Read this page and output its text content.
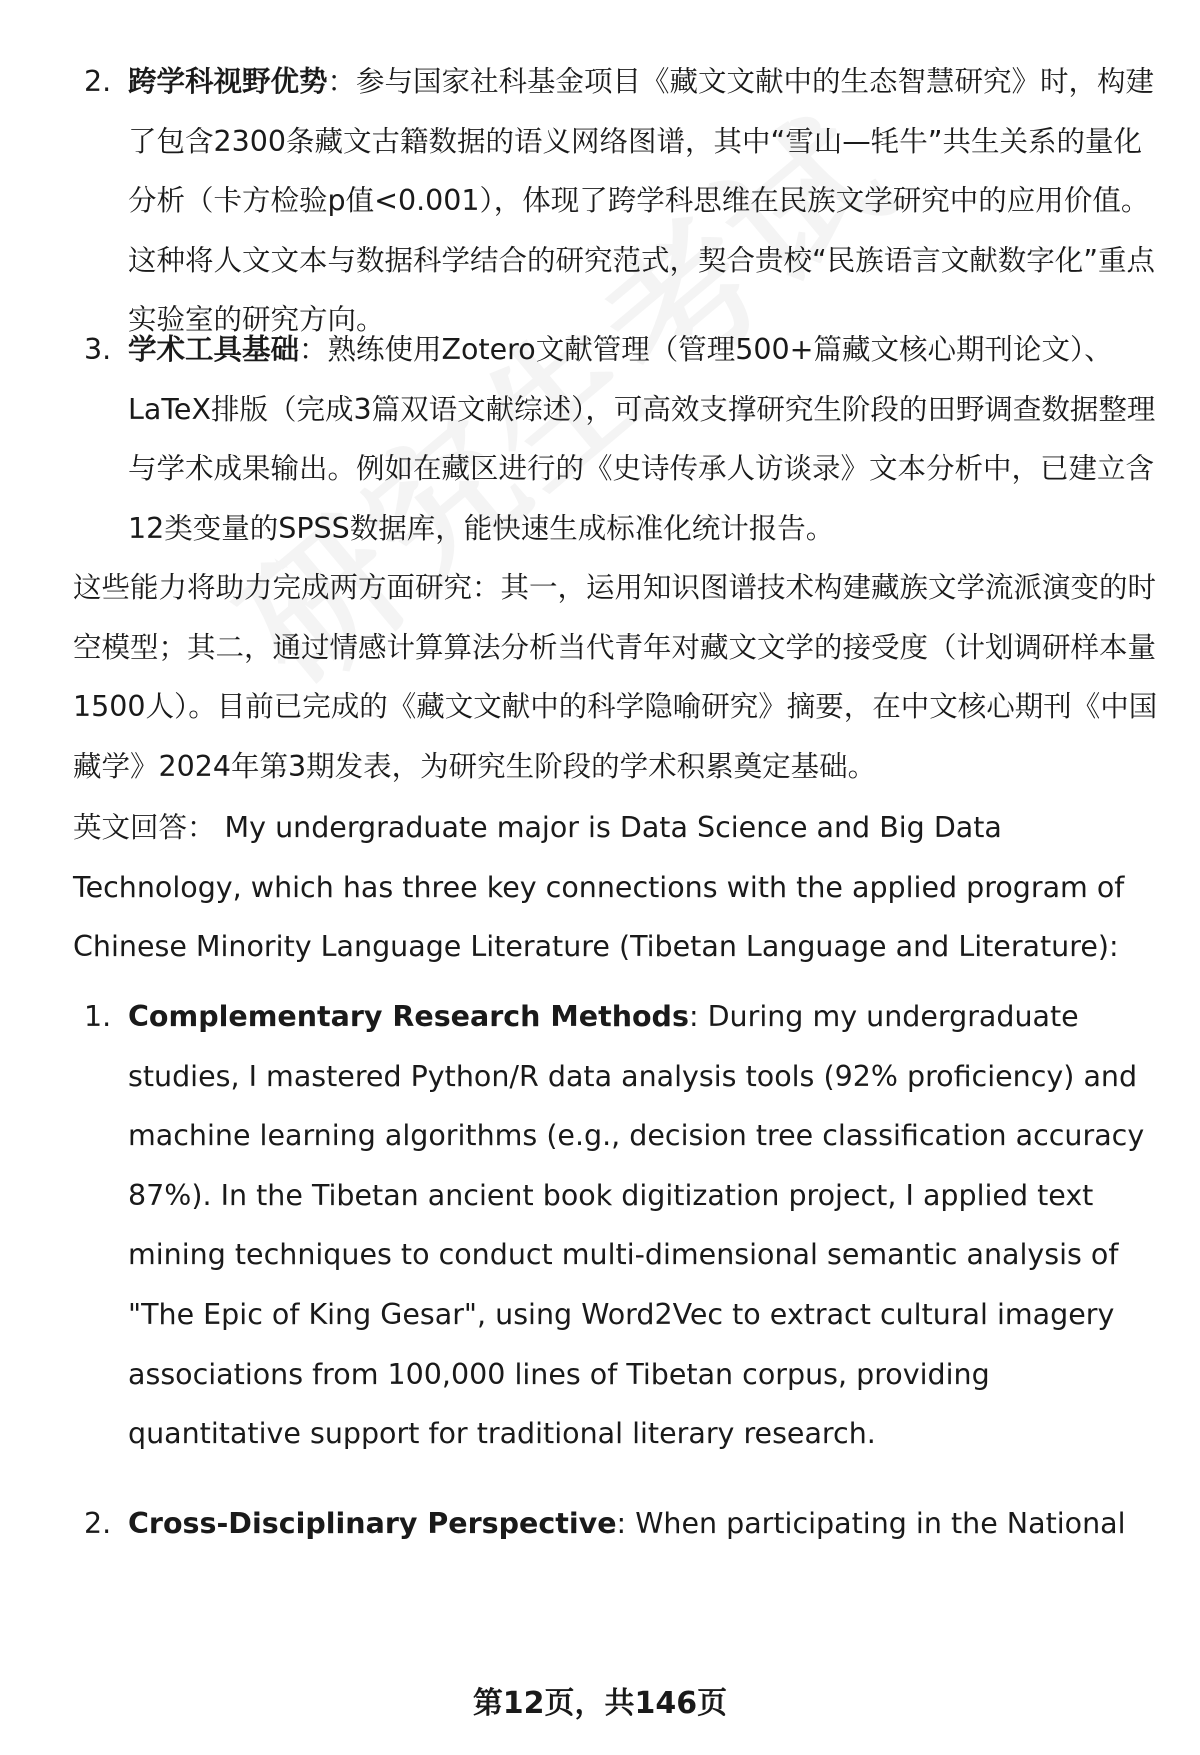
2. 跨学科视野优势：参与国家社科基金项目《藏文文献中的生态智慧研究》时，构建了包含2300条藏文古籍数据的语义网络图谱，其中“雪山—牦牛”共生关系的量化分析（卡方检验p值<0.001），体现了跨学科思维在民族文学研究中的应用价值。这种将人文文本与数据科学结合的研究范式，契合贵校“民族语言文献数字化”重点实验室的研究方向。

3. 学术工具基础：熟练使用Zotero文献管理（管理500+篇藏文核心期刊论文）、LaTeX排版（完成3篇双语文献综述），可高效支撑研究生阶段的田野调查数据整理与学术成果输出。例如在藏区进行的《史诗传承人访谈录》文本分析中，已建立含12类变量的SPSS数据库，能快速生成标准化统计报告。

这些能力将助力完成两方面研究：其一，运用知识图谱技术构建藏族文学流派演变的时空模型；其二，通过情感计算算法分析当代青年对藏文文学的接受度（计划调研样本量1500人）。目前已完成的《藏文文献中的科学隐喻研究》摘要，在中文核心期刊《中国藏学》2024年第3期发表，为研究生阶段的学术积累奠定基础。

英文回答： My undergraduate major is Data Science and Big Data Technology, which has three key connections with the applied program of Chinese Minority Language Literature (Tibetan Language and Literature):

1. Complementary Research Methods: During my undergraduate studies, I mastered Python/R data analysis tools (92% proficiency) and machine learning algorithms (e.g., decision tree classification accuracy 87%). In the Tibetan ancient book digitization project, I applied text mining techniques to conduct multi-dimensional semantic analysis of "The Epic of King Gesar", using Word2Vec to extract cultural imagery associations from 100,000 lines of Tibetan corpus, providing quantitative support for traditional literary research.

2. Cross-Disciplinary Perspective: When participating in the National

第12页，共146页
